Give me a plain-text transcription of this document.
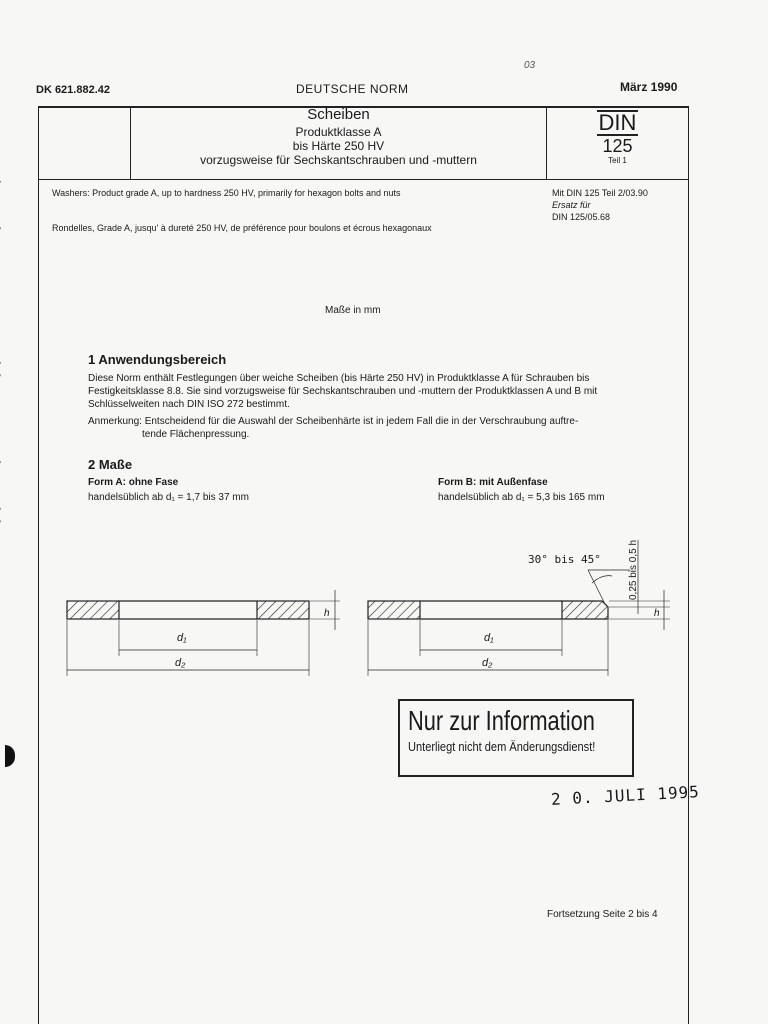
DK 621.882.42	DEUTSCHE NORM	März 1990
03
Scheiben
Produktklasse A
bis Härte 250 HV
vorzugsweise für Sechskantschrauben und -muttern
DIN
125
Teil 1
Washers: Product grade A, up to hardness 250 HV, primarily for hexagon bolts and nuts
Rondelles, Grade A, jusqu' à dureté 250 HV, de préférence pour boulons et écrous hexagonaux
Mit DIN 125 Teil 2/03.90
Ersatz für
DIN 125/05.68
Maße in mm
1 Anwendungsbereich
Diese Norm enthält Festlegungen über weiche Scheiben (bis Härte 250 HV) in Produktklasse A für Schrauben bis Festigkeitsklasse 8.8. Sie sind vorzugsweise für Sechskantschrauben und -muttern der Produktklassen A und B mit Schlüsselweiten nach DIN ISO 272 bestimmt.
Anmerkung: Entscheidend für die Auswahl der Scheibenhärte ist in jedem Fall die in der Verschraubung auftre-
tende Flächenpressung.
2 Maße
Form A: ohne Fase
handelsüblich ab d₁ = 1,7 bis 37 mm
Form B: mit Außenfase
handelsüblich ab d₁ = 5,3 bis 165 mm
d₁
d₂
h
d₁
d₂
h
30° bis 45°	0,25 bis 0,5 h
Nur zur Information
Unterliegt nicht dem Änderungsdienst!
2 0. JULI 1995
Fortsetzung Seite 2 bis 4
